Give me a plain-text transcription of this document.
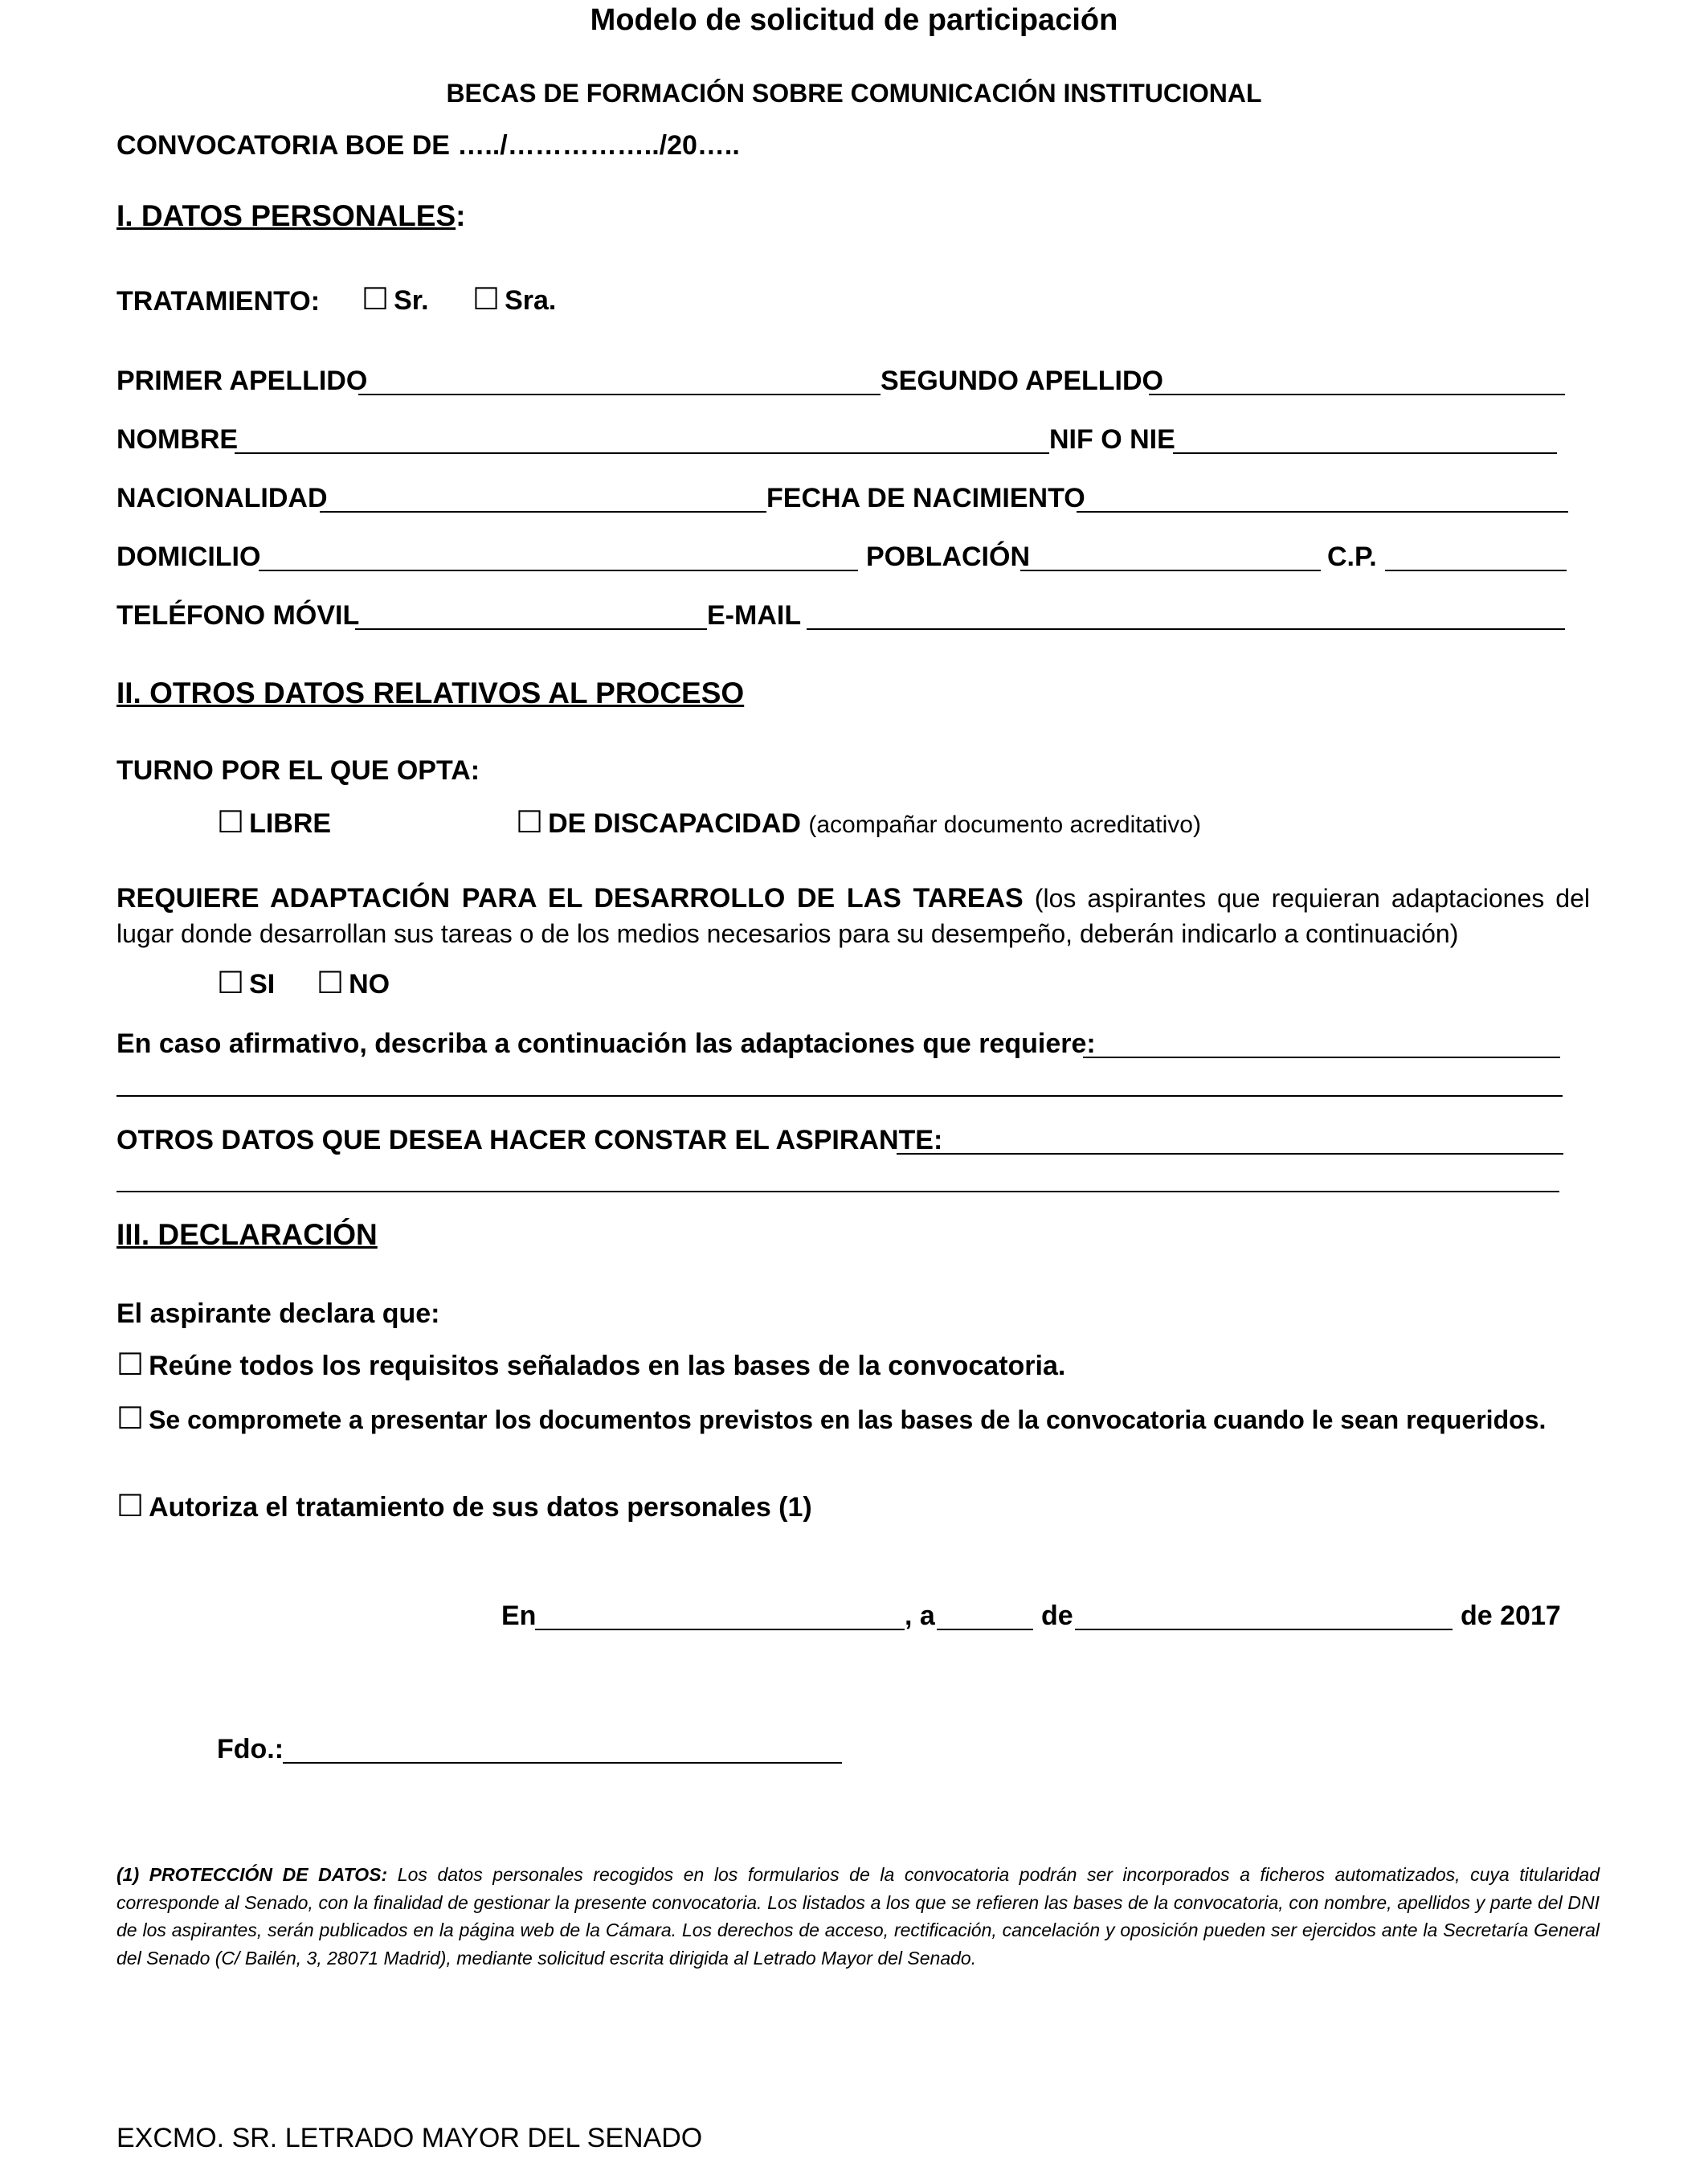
Modelo de solicitud de participación
BECAS DE FORMACIÓN SOBRE COMUNICACIÓN INSTITUCIONAL
CONVOCATORIA BOE DE …../……………../20…..
I. DATOS PERSONALES:
TRATAMIENTO: ☐ Sr. ☐ Sra.
PRIMER APELLIDO	SEGUNDO APELLIDO
NOMBRE	NIF O NIE
NACIONALIDAD	FECHA DE NACIMIENTO
DOMICILIO	POBLACIÓN	C.P.
TELÉFONO MÓVIL	E-MAIL
II. OTROS DATOS RELATIVOS AL PROCESO
TURNO POR EL QUE OPTA:
☐ LIBRE	☐ DE DISCAPACIDAD (acompañar documento acreditativo)
REQUIERE ADAPTACIÓN PARA EL DESARROLLO DE LAS TAREAS (los aspirantes que requieran adaptaciones del lugar donde desarrollan sus tareas o de los medios necesarios para su desempeño, deberán indicarlo a continuación)
☐ SI ☐ NO
En caso afirmativo, describa a continuación las adaptaciones que requiere:
OTROS DATOS QUE DESEA HACER CONSTAR EL ASPIRANTE:
III. DECLARACIÓN
El aspirante declara que:
☐ Reúne todos los requisitos señalados en las bases de la convocatoria.
☐ Se compromete a presentar los documentos previstos en las bases de la convocatoria cuando le sean requeridos.
☐ Autoriza el tratamiento de sus datos personales (1)
En	, a	de	de 2017
Fdo.:
(1) PROTECCIÓN DE DATOS: Los datos personales recogidos en los formularios de la convocatoria podrán ser incorporados a ficheros automatizados, cuya titularidad corresponde al Senado, con la finalidad de gestionar la presente convocatoria. Los listados a los que se refieren las bases de la convocatoria, con nombre, apellidos y parte del DNI de los aspirantes, serán publicados en la página web de la Cámara. Los derechos de acceso, rectificación, cancelación y oposición pueden ser ejercidos ante la Secretaría General del Senado (C/ Bailén, 3, 28071 Madrid), mediante solicitud escrita dirigida al Letrado Mayor del Senado.
EXCMO. SR. LETRADO MAYOR DEL SENADO
